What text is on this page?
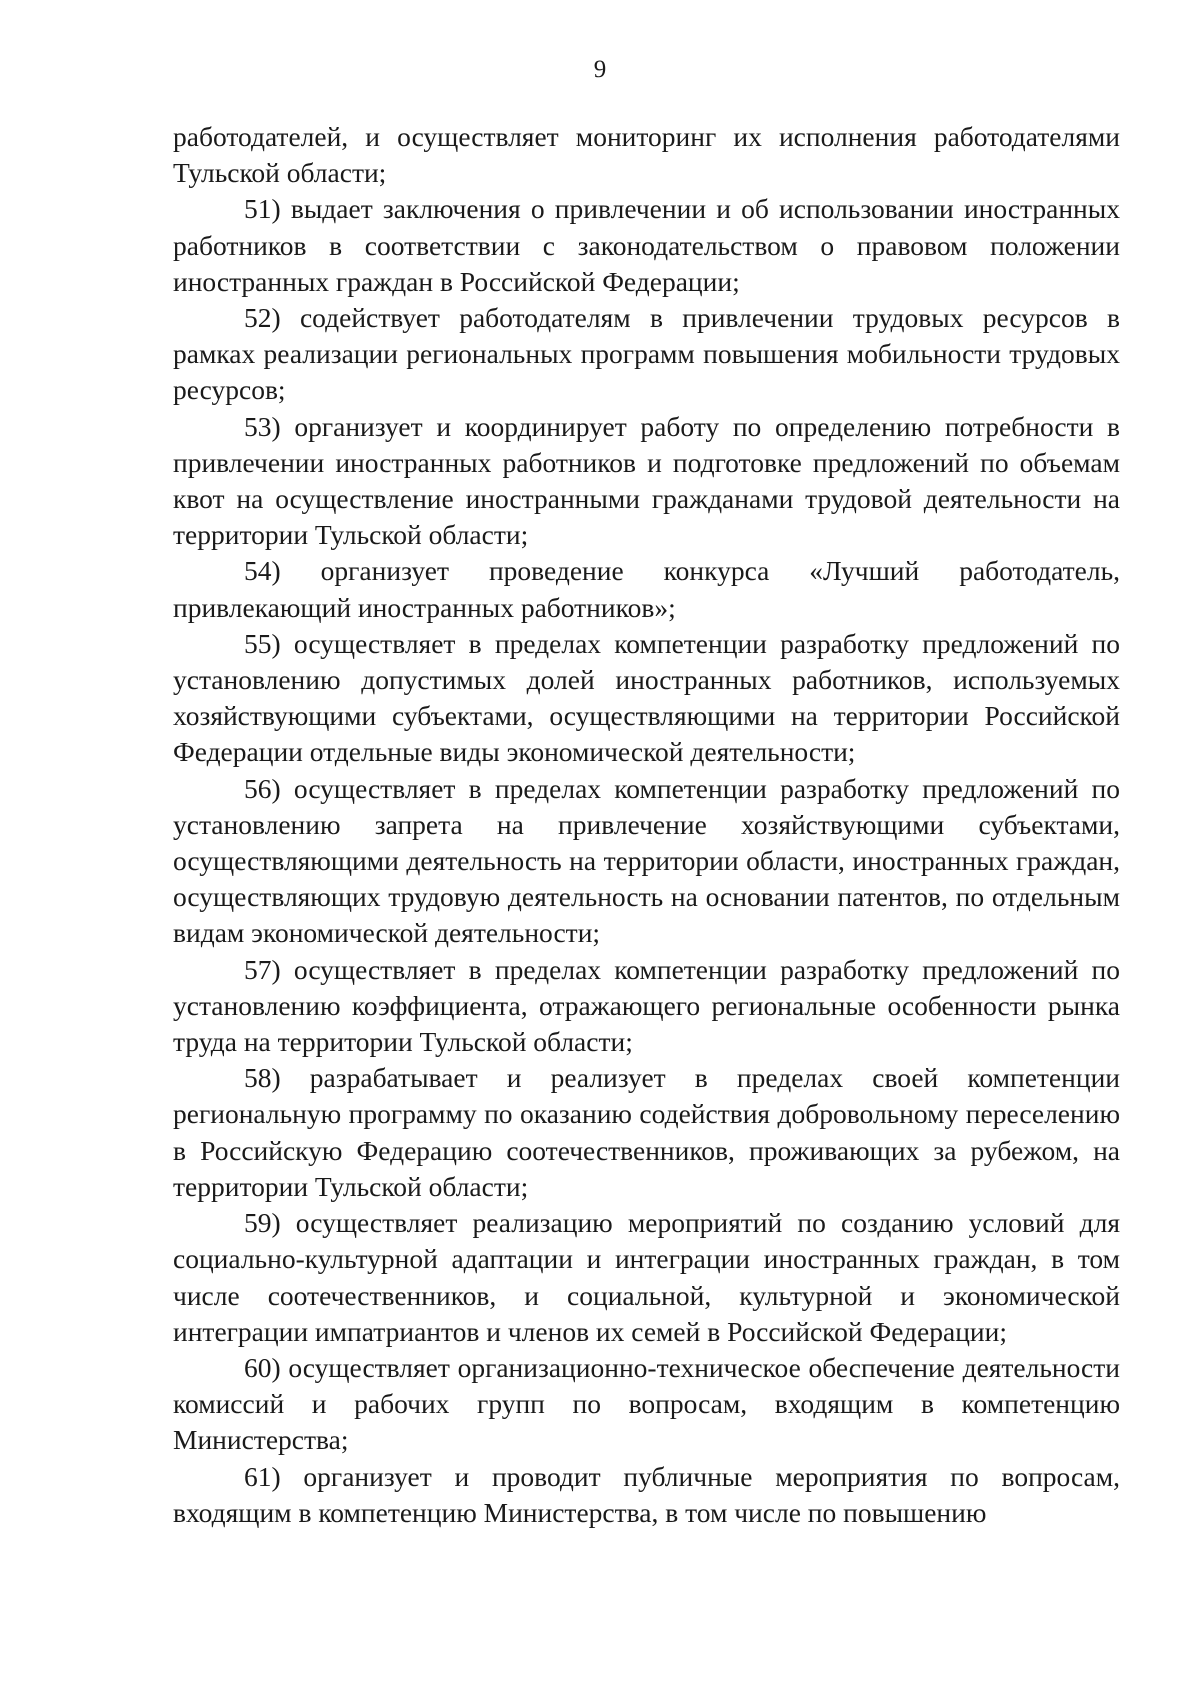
9

работодателей, и осуществляет мониторинг их исполнения работодателями Тульской области;

51) выдает заключения о привлечении и об использовании иностранных работников в соответствии с законодательством о правовом положении иностранных граждан в Российской Федерации;

52) содействует работодателям в привлечении трудовых ресурсов в рамках реализации региональных программ повышения мобильности трудовых ресурсов;

53) организует и координирует работу по определению потребности в привлечении иностранных работников и подготовке предложений по объемам квот на осуществление иностранными гражданами трудовой деятельности на территории Тульской области;

54) организует проведение конкурса «Лучший работодатель, привлекающий иностранных работников»;

55) осуществляет в пределах компетенции разработку предложений по установлению допустимых долей иностранных работников, используемых хозяйствующими субъектами, осуществляющими на территории Российской Федерации отдельные виды экономической деятельности;

56) осуществляет в пределах компетенции разработку предложений по установлению запрета на привлечение хозяйствующими субъектами, осуществляющими деятельность на территории области, иностранных граждан, осуществляющих трудовую деятельность на основании патентов, по отдельным видам экономической деятельности;

57) осуществляет в пределах компетенции разработку предложений по установлению коэффициента, отражающего региональные особенности рынка труда на территории Тульской области;

58) разрабатывает и реализует в пределах своей компетенции региональную программу по оказанию содействия добровольному переселению в Российскую Федерацию соотечественников, проживающих за рубежом, на территории Тульской области;

59) осуществляет реализацию мероприятий по созданию условий для социально-культурной адаптации и интеграции иностранных граждан, в том числе соотечественников, и социальной, культурной и экономической интеграции импатриантов и членов их семей в Российской Федерации;

60) осуществляет организационно-техническое обеспечение деятельности комиссий и рабочих групп по вопросам, входящим в компетенцию Министерства;

61) организует и проводит публичные мероприятия по вопросам, входящим в компетенцию Министерства, в том числе по повышению
